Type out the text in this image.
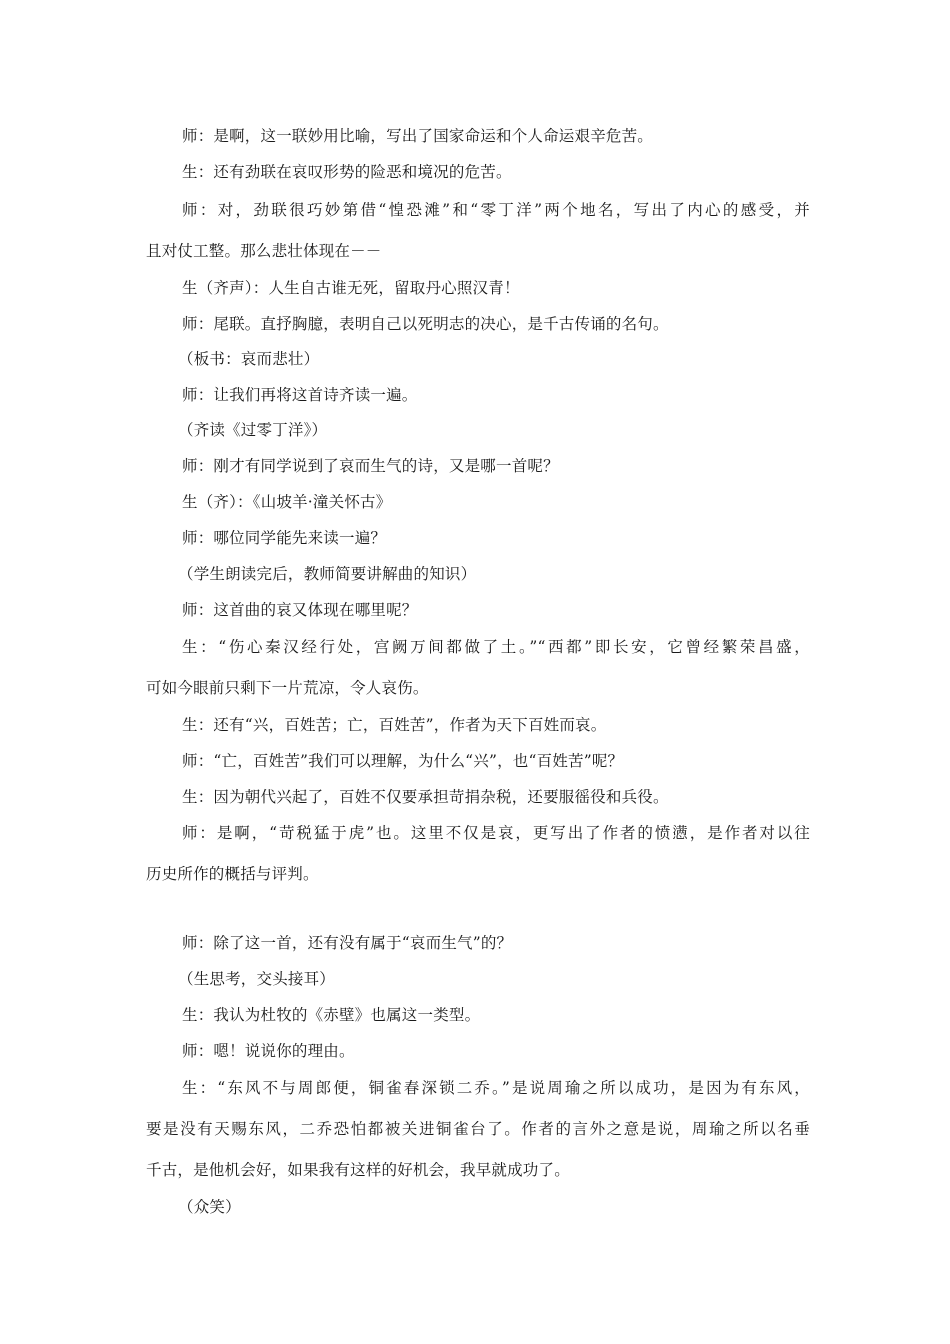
师：是啊，这一联妙用比喻，写出了国家命运和个人命运艰辛危苦。
生：还有劲联在哀叹形势的险恶和境况的危苦。
师：对，劲联很巧妙第借“惶恐滩”和“零丁洋”两个地名，写出了内心的感受，并
且对仗工整。那么悲壮体现在－－
生（齐声）：人生自古谁无死，留取丹心照汉青！
师：尾联。直抒胸臆，表明自己以死明志的决心，是千古传诵的名句。
（板书：哀而悲壮）
师：让我们再将这首诗齐读一遍。
（齐读《过零丁洋》）
师：刚才有同学说到了哀而生气的诗，又是哪一首呢？
生（齐）：《山坡羊·潼关怀古》
师：哪位同学能先来读一遍？
（学生朗读完后，教师简要讲解曲的知识）
师：这首曲的哀又体现在哪里呢？
生：“伤心秦汉经行处，宫阙万间都做了土。”“西都”即长安，它曾经繁荣昌盛，
可如今眼前只剩下一片荒凉，令人哀伤。
生：还有“兴，百姓苦；亡，百姓苦”，作者为天下百姓而哀。
师：“亡，百姓苦”我们可以理解，为什么“兴”，也“百姓苦”呢？
生：因为朝代兴起了，百姓不仅要承担苛捐杂税，还要服徭役和兵役。
师：是啊，“苛税猛于虎”也。这里不仅是哀，更写出了作者的愤懑，是作者对以往
历史所作的概括与评判。
师：除了这一首，还有没有属于“哀而生气”的？
（生思考，交头接耳）
生：我认为杜牧的《赤壁》也属这一类型。
师：嗯！说说你的理由。
生：“东风不与周郎便，铜雀春深锁二乔。”是说周瑜之所以成功，是因为有东风，
要是没有天赐东风，二乔恐怕都被关进铜雀台了。作者的言外之意是说，周瑜之所以名垂
千古，是他机会好，如果我有这样的好机会，我早就成功了。
（众笑）
